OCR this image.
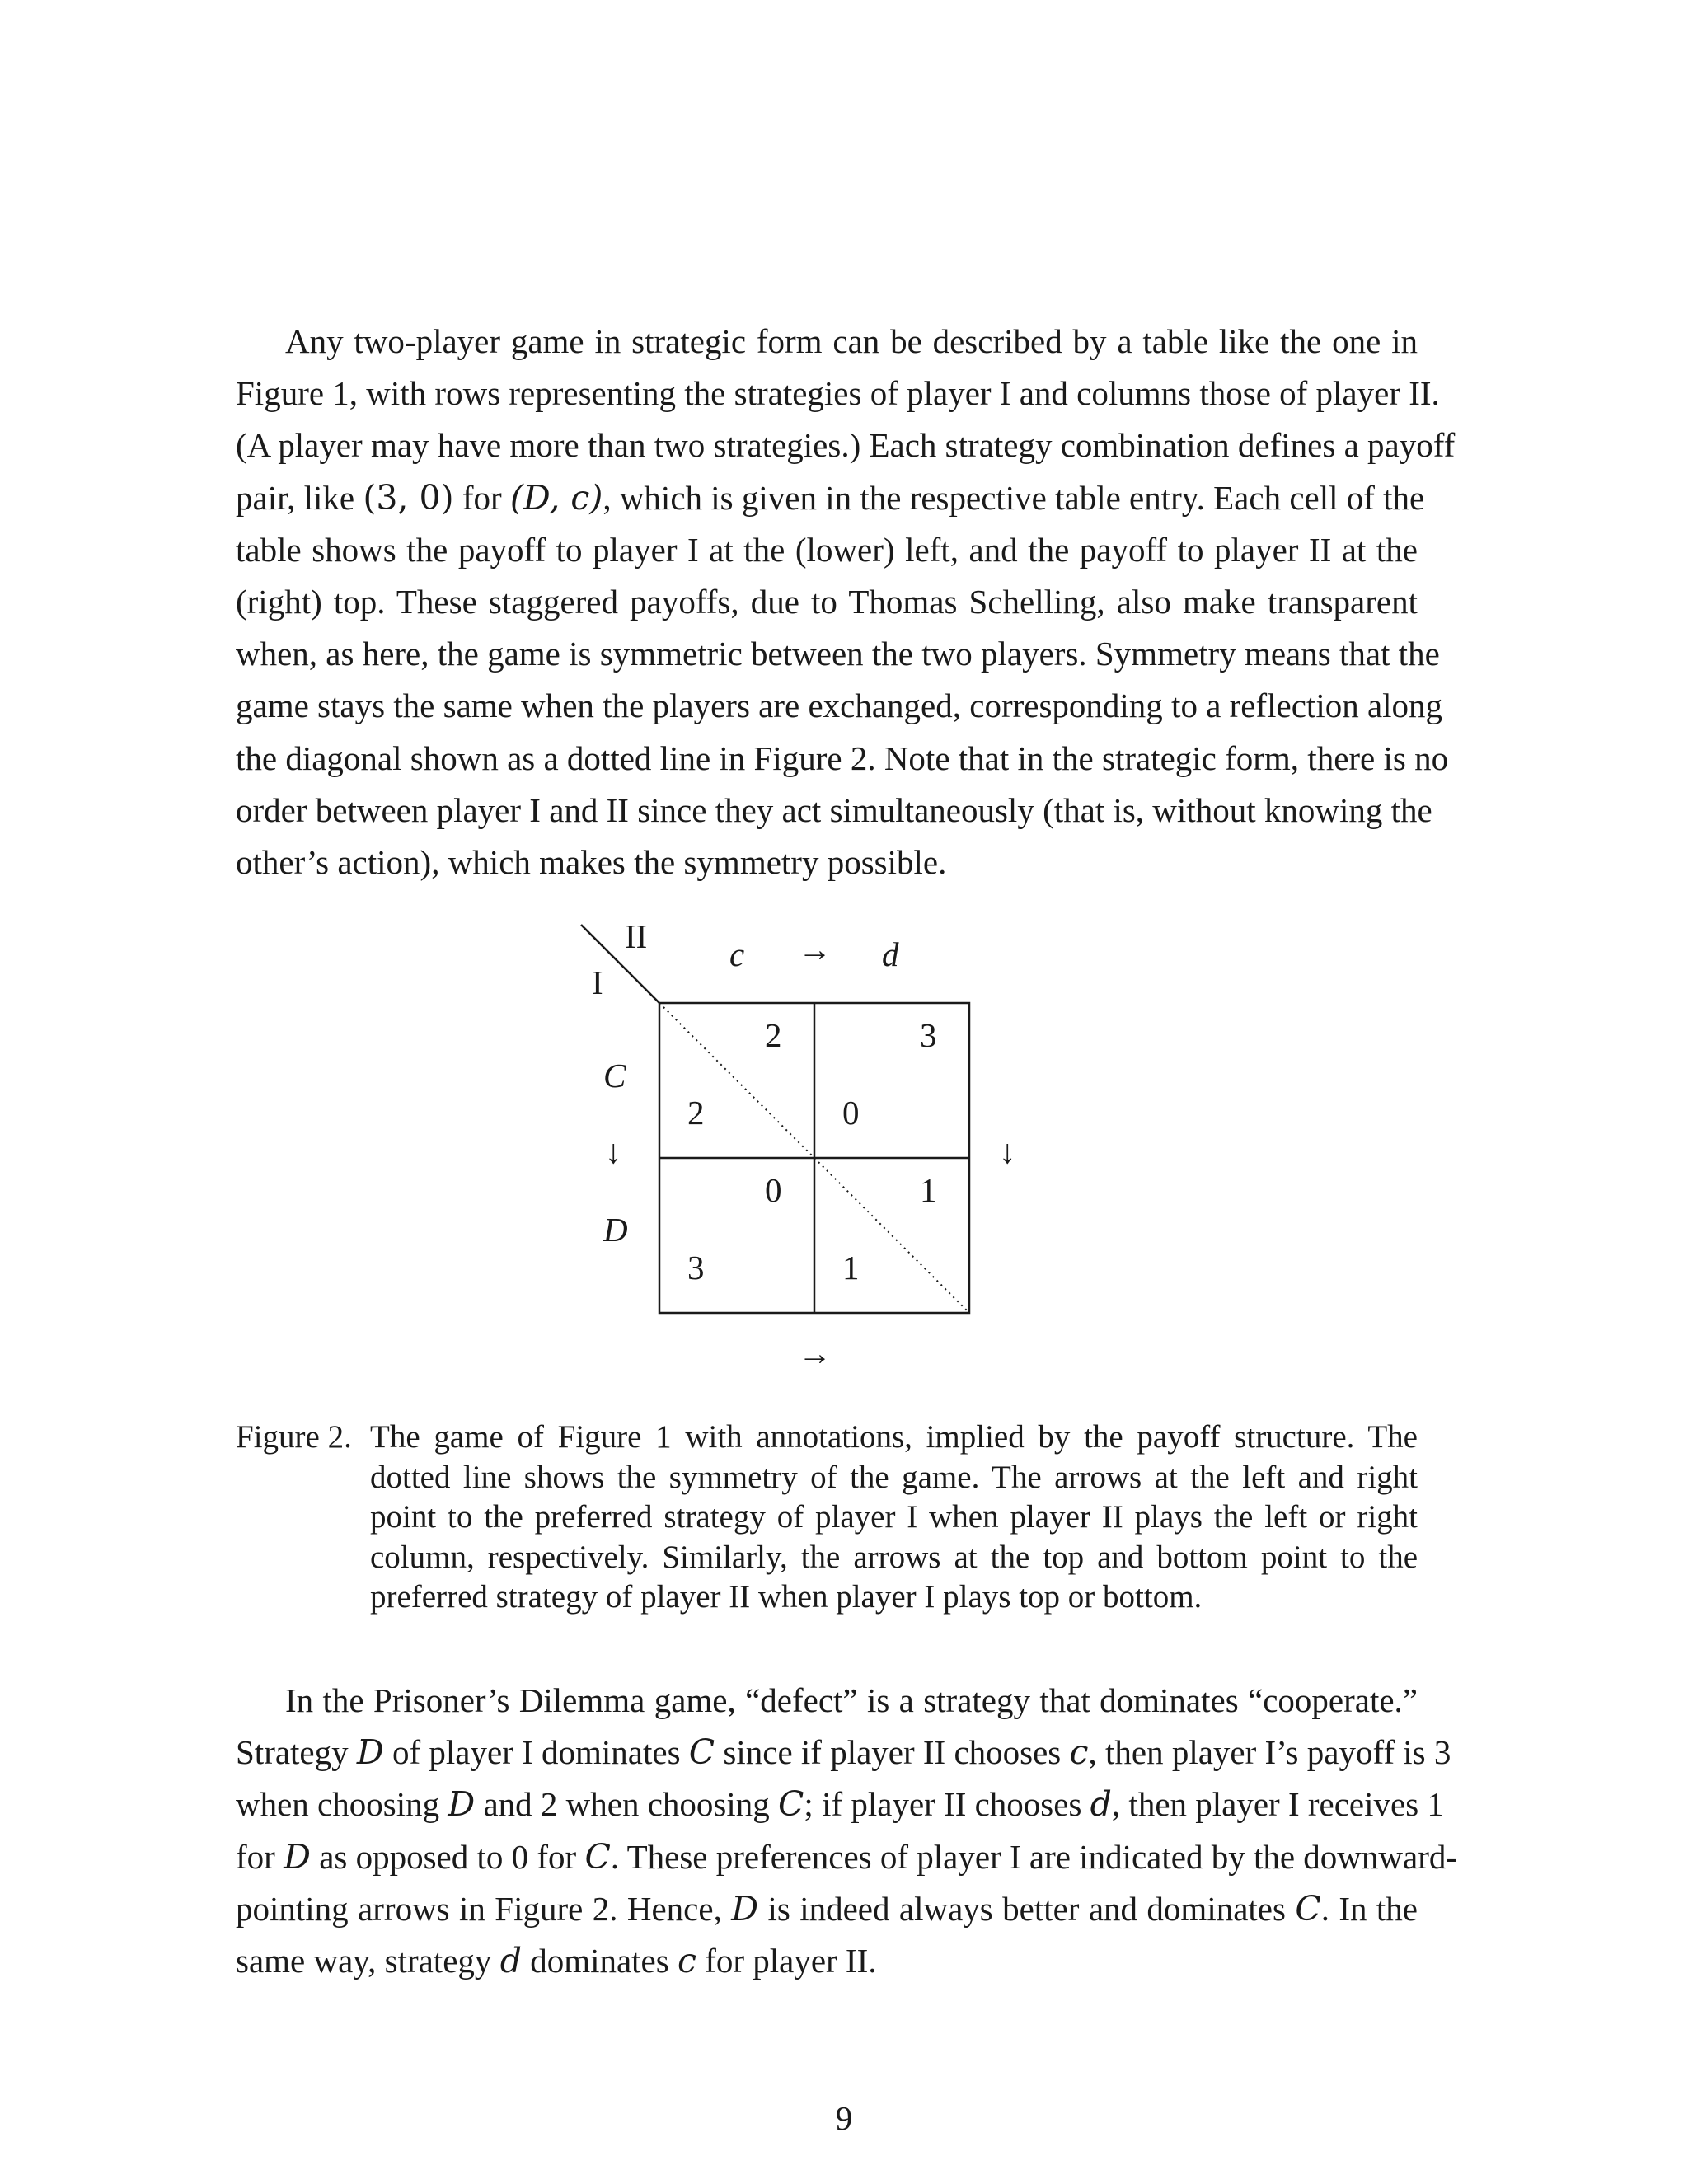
Any two-player game in strategic form can be described by a table like the one in
Figure 1, with rows representing the strategies of player I and columns those of player II.
(A player may have more than two strategies.) Each strategy combination defines a payoff
pair, like (3, 0) for (D, c), which is given in the respective table entry. Each cell of the
table shows the payoff to player I at the (lower) left, and the payoff to player II at the
(right) top. These staggered payoffs, due to Thomas Schelling, also make transparent
when, as here, the game is symmetric between the two players. Symmetry means that the
game stays the same when the players are exchanged, corresponding to a reflection along
the diagonal shown as a dotted line in Figure 2. Note that in the strategic form, there is no
order between player I and II since they act simultaneously (that is, without knowing the
other’s action), which makes the symmetry possible.
II
I
c → d
C
↓
D
↓
2
2
3
0
0
3
1
1
→
Figure 2. The game of Figure 1 with annotations, implied by the payoff structure. The
dotted line shows the symmetry of the game. The arrows at the left and right
point to the preferred strategy of player I when player II plays the left or right
column, respectively. Similarly, the arrows at the top and bottom point to the
preferred strategy of player II when player I plays top or bottom.
In the Prisoner’s Dilemma game, “defect” is a strategy that dominates “cooperate.”
Strategy D of player I dominates C since if player II chooses c, then player I’s payoff is 3
when choosing D and 2 when choosing C; if player II chooses d, then player I receives 1
for D as opposed to 0 for C. These preferences of player I are indicated by the downward-
pointing arrows in Figure 2. Hence, D is indeed always better and dominates C. In the
same way, strategy d dominates c for player II.
9
